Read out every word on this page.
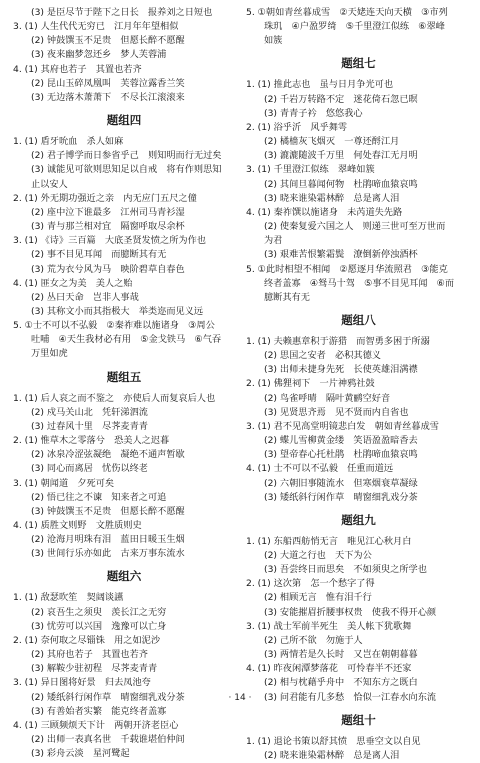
(3) 是臣尽节于陛下之日长　报养刘之日短也
3. (1) 人生代代无穷已　江月年年望相似
(2) 钟鼓馔玉不足贵　但愿长醉不愿醒
(3) 夜来幽梦忽还乡　梦人芙蓉浦
4. (1) 其府也若子　其置也若齐
(2) 昆山玉碎凤凰叫　芙蓉泣露香兰笑
(3) 无边落木萧萧下　不尽长江滚滚来
题组四
1. (1) 盾牙吮血　杀人如麻
(2) 君子博学而日参省乎己　则知明而行无过矣
(3) 诚能见可欲则思知足以自戒　将有作则思知
止以安人
2. (1) 外无期功强近之亲　内无应门五尺之僮
(2) 座中泣下谁最多　江州司马青衫湿
(3) 青与那兰相对宜　隔窗呼取尽余杯
3. (1) 《诗》三百篇　大底圣贤发愤之所为作也
(2) 事不目见耳闻　而臆断其有无
(3) 荒为衣兮风为马　映阶碧草自春色
4. (1) 匪女之为美　美人之贻
(2) 丛曰天命　岂非人事哉
(3) 其称文小而其指极大　举类迩而见义远
5. ①士不可以不弘毅　②秦祚难以施诸身　③周公
吐哺　④天生我材必有用　⑤金戈铁马　⑥气吞
万里如虎
题组五
1. (1) 后人哀之而不鉴之　亦使后人而复哀后人也
(2) 戍马关山北　凭轩涕泗流
(3) 过春风十里　尽荠麦青青
2. (1) 惟草木之零落兮　恐美人之迟暮
(2) 冰泉冷涩弦凝绝　凝绝不通声暂歇
(3) 同心而离居　忧伤以终老
3. (1) 朝闻道　夕死可矣
(2) 悟已往之不谏　知来者之可追
(3) 钟鼓馔玉不足贵　但愿长醉不愿醒
4. (1) 质胜文则野　文胜质则史
(2) 沧海月明珠有泪　蓝田日暖玉生烟
(3) 世间行乐亦如此　古来万事东流水
题组六
1. (1) 敌瑟吹笙　契阔谈讌
(2) 哀吾生之须臾　羡长江之无穷
(3) 忧劳可以兴国　逸豫可以亡身
2. (1) 奈何取之尽锱铢　用之如泥沙
(2) 其府也若子　其置也若齐
(3) 解鞍少驻初程　尽荠麦青青
3. (1) 异日图将好景　归去凤池夸
(2) 矮纸斜行闲作草　晴窗细乳戏分茶
(3) 有善始者实繁　能克终者盖寡
4. (1) 三顾频烦天下计　两朝开济老臣心
(2) 出师一表真名世　千载谁堪伯仲间
(3) 彩舟云淡　星河鹭起
5. ①朝如青丝暮成雪　②天姥连天向天横　③市列
珠玑　④户盈罗绮　⑤千里澄江似练　⑥翠峰
如簇
题组七
1. (1) 推此志也　虽与日月争光可也
(2) 千岩万转路不定　迷花倚石忽已暝
(3) 青青子衿　悠悠我心
2. (1) 浴乎沂　风乎舞雩
(2) 橘樯灰飞烟灭　一尊还酹江月
(3) 漉漉随波千万里　何处春江无月明
3. (1) 千里澄江似练　翠峰如簇
(2) 其间旦暮闻何物　杜鹃啼血猿哀鸣
(3) 晓来谁染霜林醉　总是离人泪
4. (1) 秦祚馔以施诸身　未芮道失先路
(2) 使秦复爱六国之人　则递三世可至万世而
为君
(3) 艰难苦恨繁霜鬓　潦倒新停浊酒杯
5. ①此时相望不相闻　②愿逐月华流照君　③能克
终者盖寡　④驽马十驾　⑤事不目见耳闻　⑥而
臆断其有无
题组八
1. (1) 夫赖惠章积于游猎　而智勇多困于所溺
(2) 思国之安者　必积其德义
(3) 出师未捷身先死　长使英雄泪满襟
2. (1) 佛狸祠下　一片神鸦社鼓
(2) 鸟雀呼晴　隔叶黄鹂空好音
(3) 见贤思齐焉　见不贤而内自省也
3. (1) 君不见高堂明镜悲白发　朝如青丝暮成雪
(2) 蝶儿雪柳黄金缕　笑语盈盈暗香去
(3) 望帝春心托杜鹃　杜鹃啼血猿哀鸣
4. (1) 士不可以不弘毅　任重而道远
(2) 六朝旧事随流水　但寒烟衰草凝绿
(3) 矮纸斜行闲作草　晴窗细乳戏分茶
题组九
1. (1) 东船西舫悄无言　唯见江心秋月白
(2) 大道之行也　天下为公
(3) 吾尝终日而思矣　不如须臾之所学也
2. (1) 这次第　怎一个愁字了得
(2) 相顾无言　惟有泪千行
(3) 安能摧眉折腰事权贵　使我不得开心颜
3. (1) 战士军前半死生　美人帐下犹歌舞
(2) 己所不欲　勿施于人
(3) 两情若是久长时　又岂在朝朝暮暮
4. (1) 昨夜闲潭梦落花　可怜春半不还家
(2) 相与枕藉乎舟中　不知东方之既白
(3) 问君能有几多愁　恰似一江春水向东流
题组十
1. (1) 退论书策以舒其愤　思垂空文以自见
(2) 晓来谁染霜林醉　总是离人泪
· 14 ·
